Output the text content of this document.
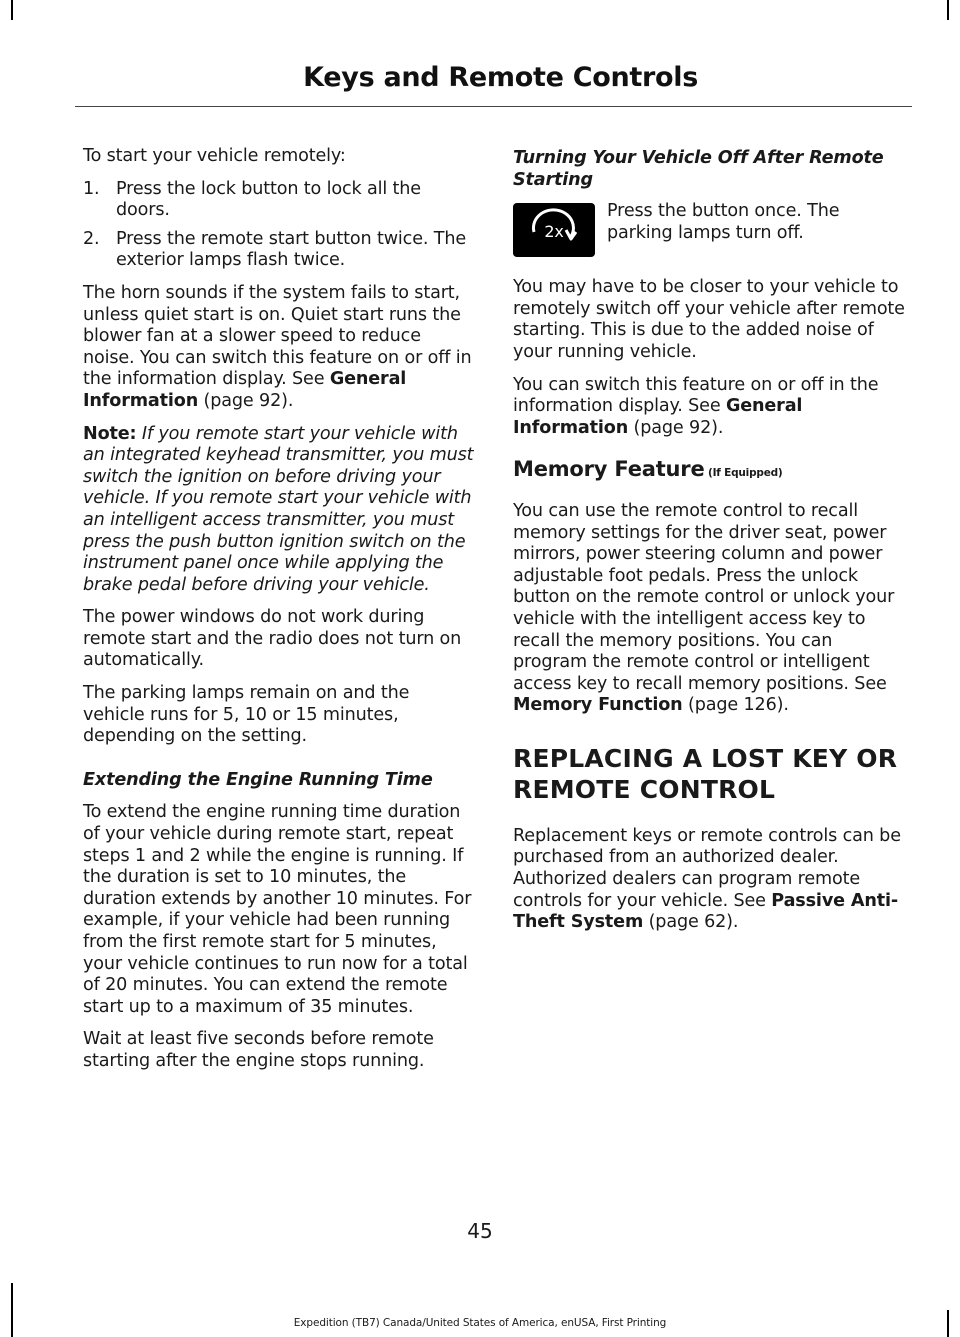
Keys and Remote Controls

To start your vehicle remotely:

1. Press the lock button to lock all the doors.
2. Press the remote start button twice. The exterior lamps flash twice.

The horn sounds if the system fails to start, unless quiet start is on. Quiet start runs the blower fan at a slower speed to reduce noise. You can switch this feature on or off in the information display. See General Information (page 92).

Note: If you remote start your vehicle with an integrated keyhead transmitter, you must switch the ignition on before driving your vehicle. If you remote start your vehicle with an intelligent access transmitter, you must press the push button ignition switch on the instrument panel once while applying the brake pedal before driving your vehicle.

The power windows do not work during remote start and the radio does not turn on automatically.

The parking lamps remain on and the vehicle runs for 5, 10 or 15 minutes, depending on the setting.

Extending the Engine Running Time

To extend the engine running time duration of your vehicle during remote start, repeat steps 1 and 2 while the engine is running. If the duration is set to 10 minutes, the duration extends by another 10 minutes. For example, if your vehicle had been running from the first remote start for 5 minutes, your vehicle continues to run now for a total of 20 minutes. You can extend the remote start up to a maximum of 35 minutes.

Wait at least five seconds before remote starting after the engine stops running.

Turning Your Vehicle Off After Remote Starting

2x
Press the button once. The parking lamps turn off.

You may have to be closer to your vehicle to remotely switch off your vehicle after remote starting. This is due to the added noise of your running vehicle.

You can switch this feature on or off in the information display. See General Information (page 92).

Memory Feature (If Equipped)

You can use the remote control to recall memory settings for the driver seat, power mirrors, power steering column and power adjustable foot pedals. Press the unlock button on the remote control or unlock your vehicle with the intelligent access key to recall the memory positions. You can program the remote control or intelligent access key to recall memory positions. See Memory Function (page 126).

REPLACING A LOST KEY OR REMOTE CONTROL

Replacement keys or remote controls can be purchased from an authorized dealer. Authorized dealers can program remote controls for your vehicle. See Passive Anti-Theft System (page 62).

45
Expedition (TB7) Canada/United States of America, enUSA, First Printing
